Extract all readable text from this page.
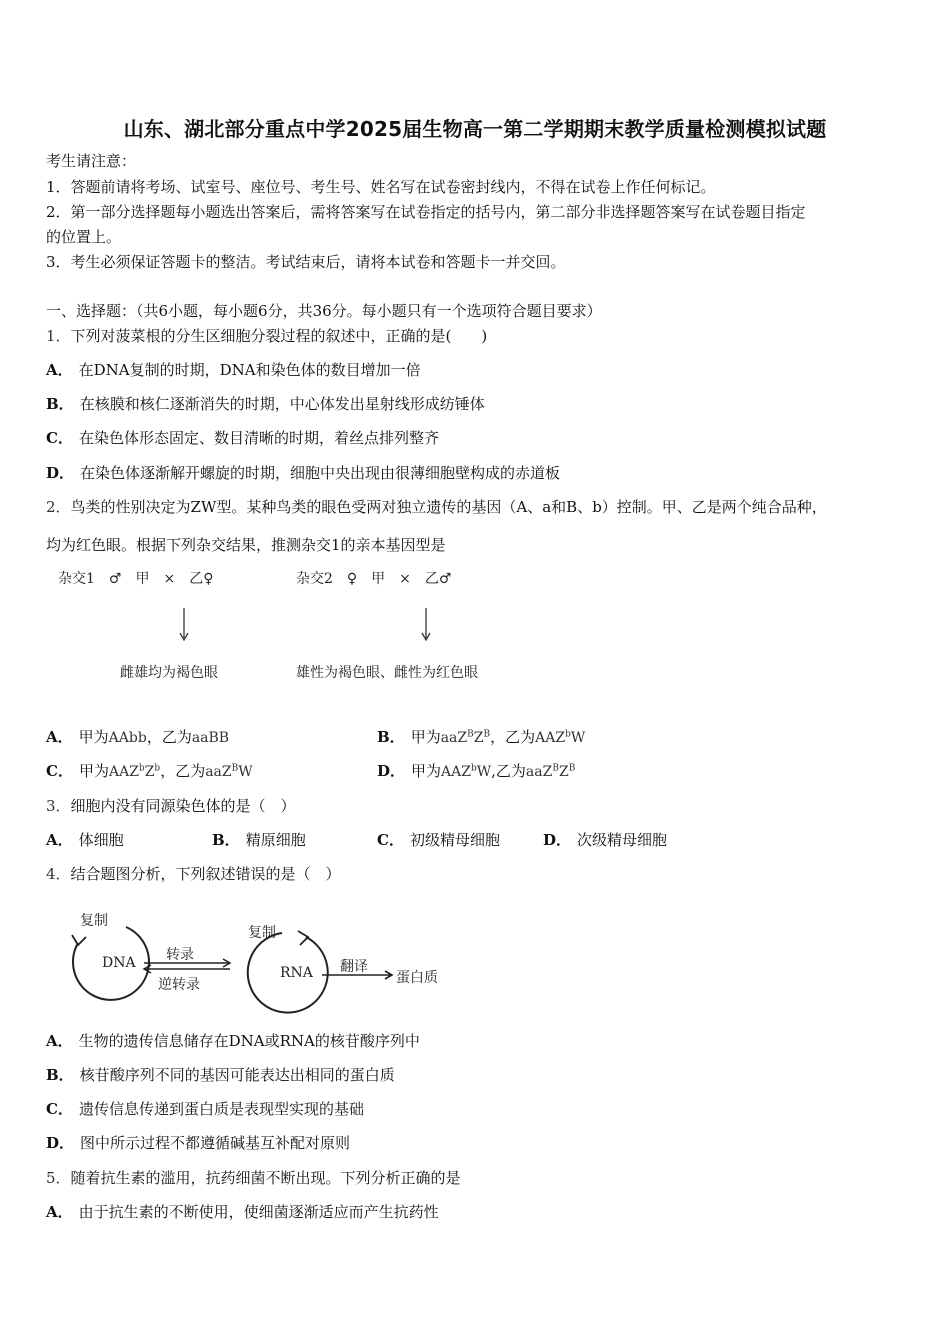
山东、湖北部分重点中学2025届生物高一第二学期期末教学质量检测模拟试题
考生请注意：
1．答题前请将考场、试室号、座位号、考生号、姓名写在试卷密封线内，不得在试卷上作任何标记。
2．第一部分选择题每小题选出答案后，需将答案写在试卷指定的括号内，第二部分非选择题答案写在试卷题目指定
的位置上。
3．考生必须保证答题卡的整洁。考试结束后，请将本试卷和答题卡一并交回。
一、选择题：（共6小题，每小题6分，共36分。每小题只有一个选项符合题目要求）
1．下列对菠菜根的分生区细胞分裂过程的叙述中，正确的是(　　)
A． 在DNA复制的时期，DNA和染色体的数目增加一倍
B． 在核膜和核仁逐渐消失的时期，中心体发出星射线形成纺锤体
C． 在染色体形态固定、数目清晰的时期，着丝点排列整齐
D． 在染色体逐渐解开螺旋的时期，细胞中央出现由很薄细胞壁构成的赤道板
2．鸟类的性别决定为ZW型。某种鸟类的眼色受两对独立遗传的基因（A、a和B、b）控制。甲、乙是两个纯合品种，
均为红色眼。根据下列杂交结果，推测杂交1的亲本基因型是
杂交1　♂　甲　×　乙♀	杂交2　♀　甲　×　乙♂
雌雄均为褐色眼	雄性为褐色眼、雌性为红色眼
A． 甲为AAbb，乙为aaBB	B． 甲为$aaZ^BZ^B$，乙为AAZ$^b$W
C． 甲为$AAZ^bZ^b$，乙为aaZ$^B$W	D． 甲为AAZ$^b$W,乙为$aaZ^BZ^B$
3．细胞内没有同源染色体的是（　）
A． 体细胞	B． 精原细胞	C． 初级精母细胞	D． 次级精母细胞
4．结合题图分析，下列叙述错误的是（　）
复制
DNA 转录
逆转录
复制
RNA 翻译
蛋白质
A． 生物的遗传信息储存在DNA或RNA的核苷酸序列中
B． 核苷酸序列不同的基因可能表达出相同的蛋白质
C． 遗传信息传递到蛋白质是表现型实现的基础
D． 图中所示过程不都遵循碱基互补配对原则
5．随着抗生素的滥用，抗药细菌不断出现。下列分析正确的是
A． 由于抗生素的不断使用，使细菌逐渐适应而产生抗药性
